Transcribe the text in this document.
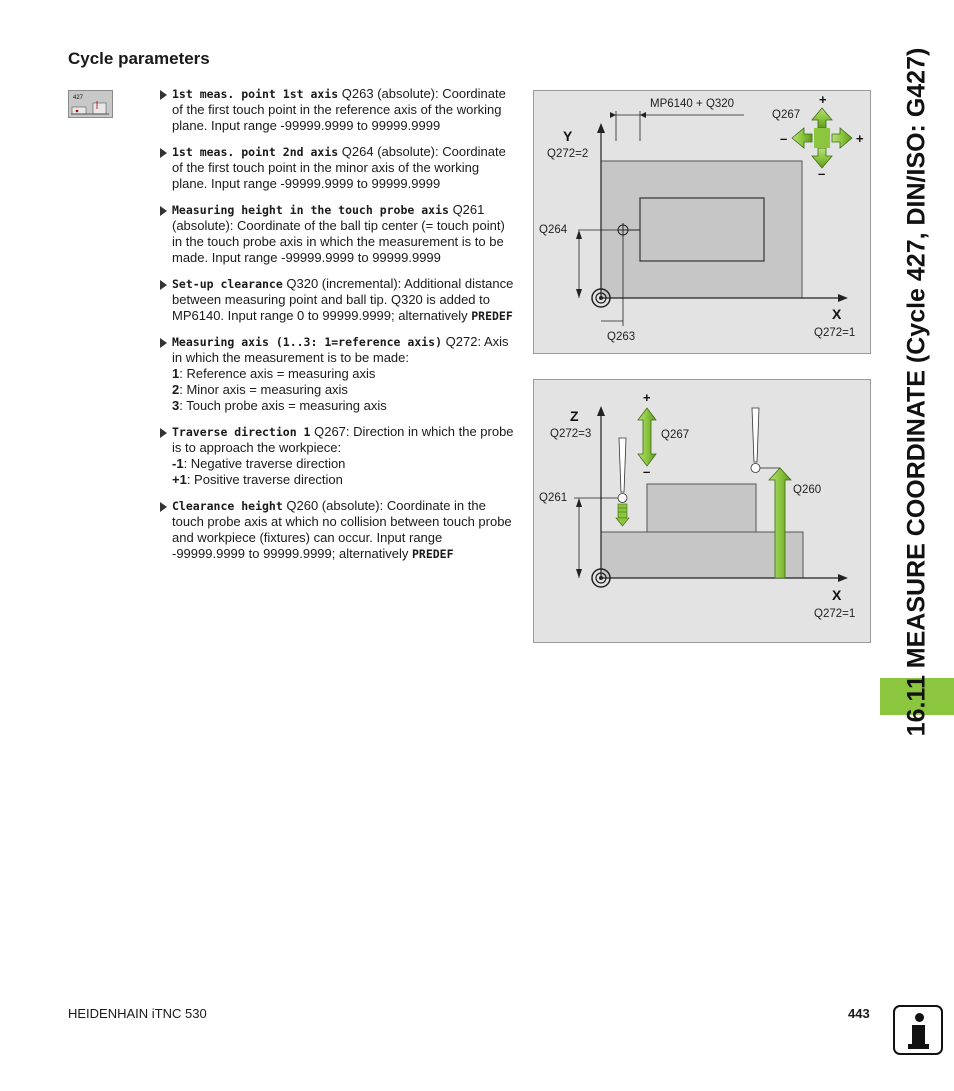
Cycle parameters
427	1st meas. point 1st axis Q263 (absolute): Coordinate of the first touch point in the reference axis of the working plane. Input range -99999.9999 to 99999.9999
1st meas. point 2nd axis Q264 (absolute): Coordinate of the first touch point in the minor axis of the working plane. Input range -99999.9999 to 99999.9999
Measuring height in the touch probe axis Q261 (absolute): Coordinate of the ball tip center (= touch point) in the touch probe axis in which the measurement is to be made. Input range -99999.9999 to 99999.9999
Set-up clearance Q320 (incremental): Additional distance between measuring point and ball tip. Q320 is added to MP6140. Input range 0 to 99999.9999; alternatively PREDEF
Measuring axis (1..3: 1=reference axis) Q272: Axis in which the measurement is to be made:
1: Reference axis = measuring axis
2: Minor axis = measuring axis
3: Touch probe axis = measuring axis
Traverse direction 1 Q267: Direction in which the probe is to approach the workpiece:
-1: Negative traverse direction
+1: Positive traverse direction
Clearance height Q260 (absolute): Coordinate in the touch probe axis at which no collision between touch probe and workpiece (fixtures) can occur. Input range -99999.9999 to 99999.9999; alternatively PREDEF
MP6140 + Q320
Q267
+
–	+
–
Y
Q272=2
Q264
Q263
X
Q272=1
Z
Q272=3
+
–
Q267
Q261
Q260
X
Q272=1 16.11 MEASURE COORDINATE (Cycle 427, DIN/ISO: G427)
HEIDENHAIN iTNC 530	443
